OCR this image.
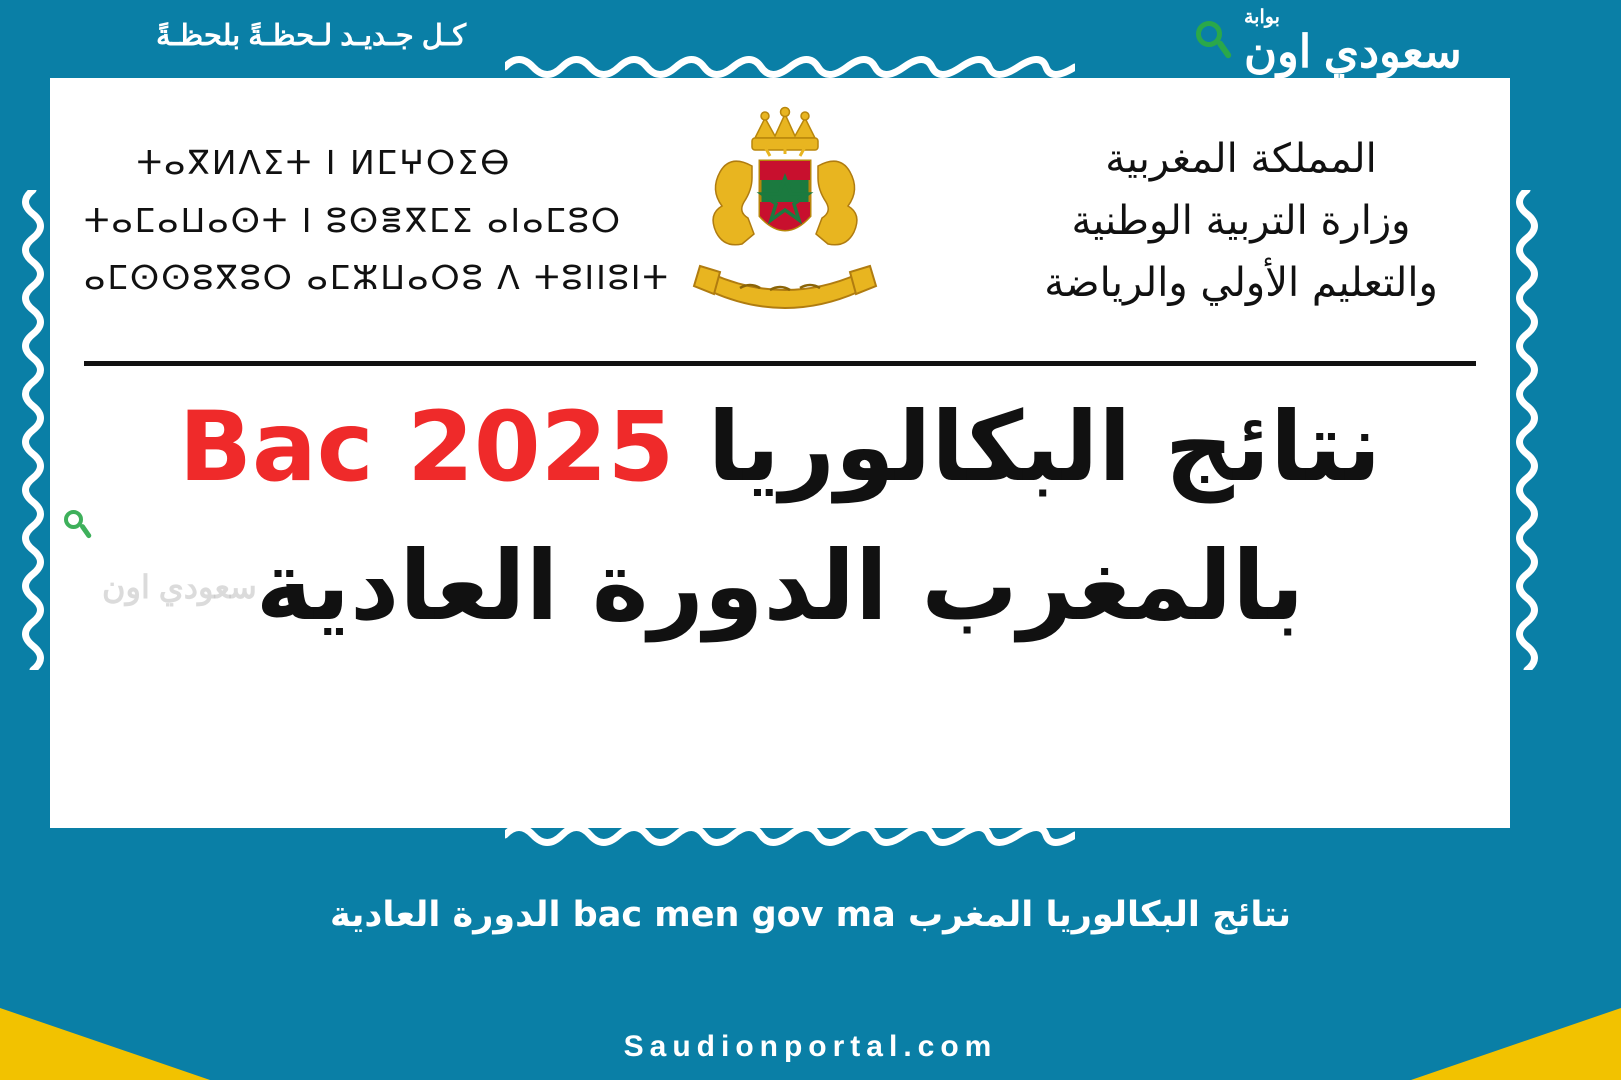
كـل جـديـد لـحظـةً بلحظـةً
بوابة
سعودي اون
المملكة المغربية
وزارة التربية الوطنية
والتعليم الأولي والرياضة
ⵜⴰⴳⵍⴷⵉⵜ ⵏ ⵍⵎⵖⵔⵉⴱ
ⵜⴰⵎⴰⵡⴰⵙⵜ ⵏ ⵓⵙⴻⴳⵎⵉ ⴰⵏⴰⵎⵓⵔ
ⴰⵎⵙⵙⵓⴳⵓⵔ ⴰⵎⵣⵡⴰⵔⵓ ⴷ ⵜⵓⵏⵏⵓⵏⵜ
سعودي اون
نتائج البكالوريا Bac 2025
بالمغرب الدورة العادية
نتائج البكالوريا المغرب bac men gov ma الدورة العادية
Saudionportal.com
